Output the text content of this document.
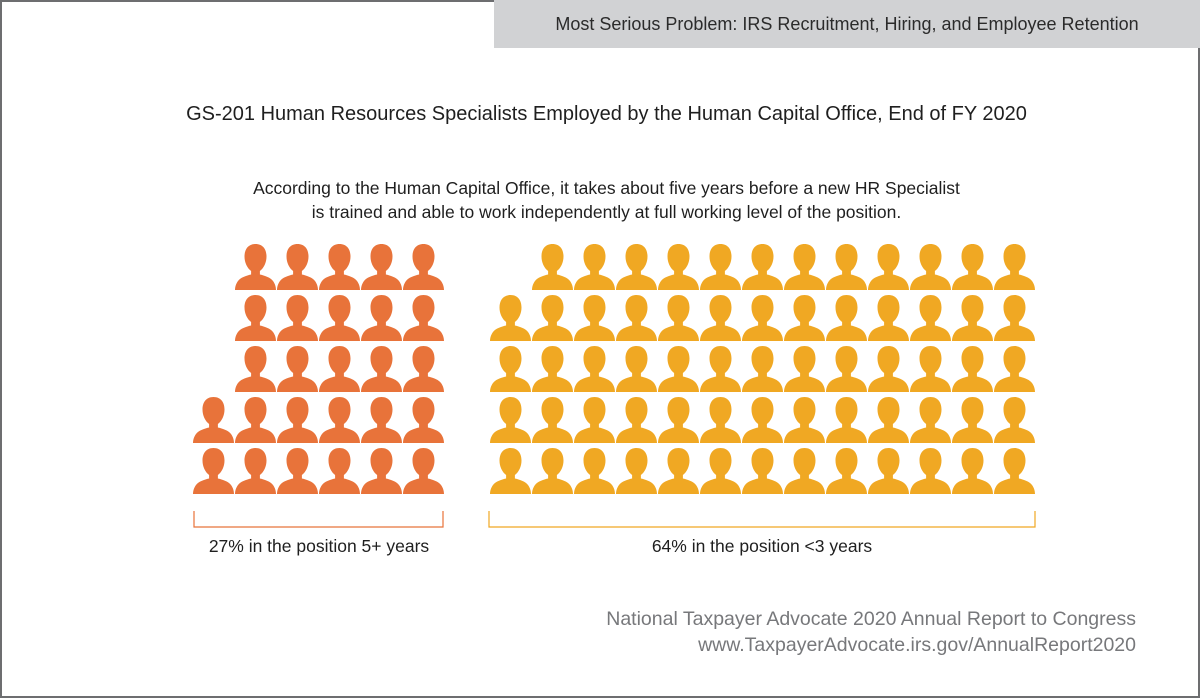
Most Serious Problem: IRS Recruitment, Hiring, and Employee Retention
GS-201 Human Resources Specialists Employed by the Human Capital Office, End of FY 2020
According to the Human Capital Office, it takes about five years before a new HR Specialist
is trained and able to work independently at full working level of the position.
27% in the position 5+ years	64% in the position <3 years
National Taxpayer Advocate 2020 Annual Report to Congress
www.TaxpayerAdvocate.irs.gov/AnnualReport2020
